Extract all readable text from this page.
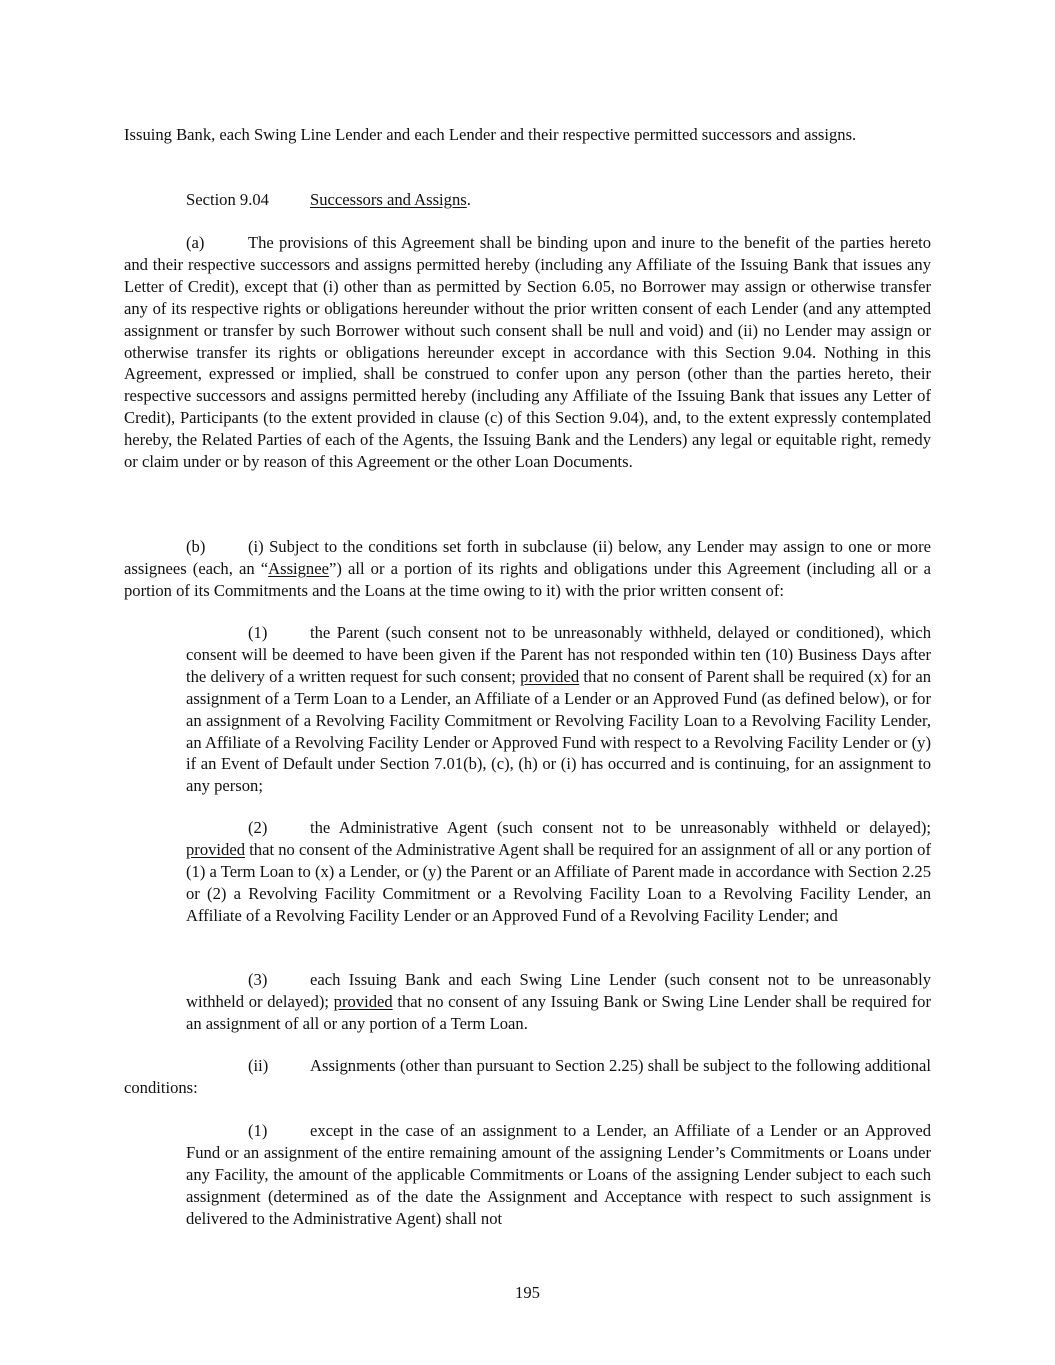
Issuing Bank, each Swing Line Lender and each Lender and their respective permitted successors and assigns.

Section 9.04 Successors and Assigns.

(a)	The provisions of this Agreement shall be binding upon and inure to the benefit of the parties hereto and their respective successors and assigns permitted hereby (including any Affiliate of the Issuing Bank that issues any Letter of Credit), except that (i) other than as permitted by Section 6.05, no Borrower may assign or otherwise transfer any of its respective rights or obligations hereunder without the prior written consent of each Lender (and any attempted assignment or transfer by such Borrower without such consent shall be null and void) and (ii) no Lender may assign or otherwise transfer its rights or obligations hereunder except in accordance with this Section 9.04. Nothing in this Agreement, expressed or implied, shall be construed to confer upon any person (other than the parties hereto, their respective successors and assigns permitted hereby (including any Affiliate of the Issuing Bank that issues any Letter of Credit), Participants (to the extent provided in clause (c) of this Section 9.04), and, to the extent expressly contemplated hereby, the Related Parties of each of the Agents, the Issuing Bank and the Lenders) any legal or equitable right, remedy or claim under or by reason of this Agreement or the other Loan Documents.

(b)	(i) Subject to the conditions set forth in subclause (ii) below, any Lender may assign to one or more assignees (each, an “Assignee”) all or a portion of its rights and obligations under this Agreement (including all or a portion of its Commitments and the Loans at the time owing to it) with the prior written consent of:

(1)	the Parent (such consent not to be unreasonably withheld, delayed or conditioned), which consent will be deemed to have been given if the Parent has not responded within ten (10) Business Days after the delivery of a written request for such consent; provided that no consent of Parent shall be required (x) for an assignment of a Term Loan to a Lender, an Affiliate of a Lender or an Approved Fund (as defined below), or for an assignment of a Revolving Facility Commitment or Revolving Facility Loan to a Revolving Facility Lender, an Affiliate of a Revolving Facility Lender or Approved Fund with respect to a Revolving Facility Lender or (y) if an Event of Default under Section 7.01(b), (c), (h) or (i) has occurred and is continuing, for an assignment to any person;

(2)	the Administrative Agent (such consent not to be unreasonably withheld or delayed); provided that no consent of the Administrative Agent shall be required for an assignment of all or any portion of (1) a Term Loan to (x) a Lender, or (y) the Parent or an Affiliate of Parent made in accordance with Section 2.25 or (2) a Revolving Facility Commitment or a Revolving Facility Loan to a Revolving Facility Lender, an Affiliate of a Revolving Facility Lender or an Approved Fund of a Revolving Facility Lender; and

(3)	each Issuing Bank and each Swing Line Lender (such consent not to be unreasonably withheld or delayed); provided that no consent of any Issuing Bank or Swing Line Lender shall be required for an assignment of all or any portion of a Term Loan.

(ii)	Assignments (other than pursuant to Section 2.25) shall be subject to the following additional conditions:

(1)	except in the case of an assignment to a Lender, an Affiliate of a Lender or an Approved Fund or an assignment of the entire remaining amount of the assigning Lender’s Commitments or Loans under any Facility, the amount of the applicable Commitments or Loans of the assigning Lender subject to each such assignment (determined as of the date the Assignment and Acceptance with respect to such assignment is delivered to the Administrative Agent) shall not

195
